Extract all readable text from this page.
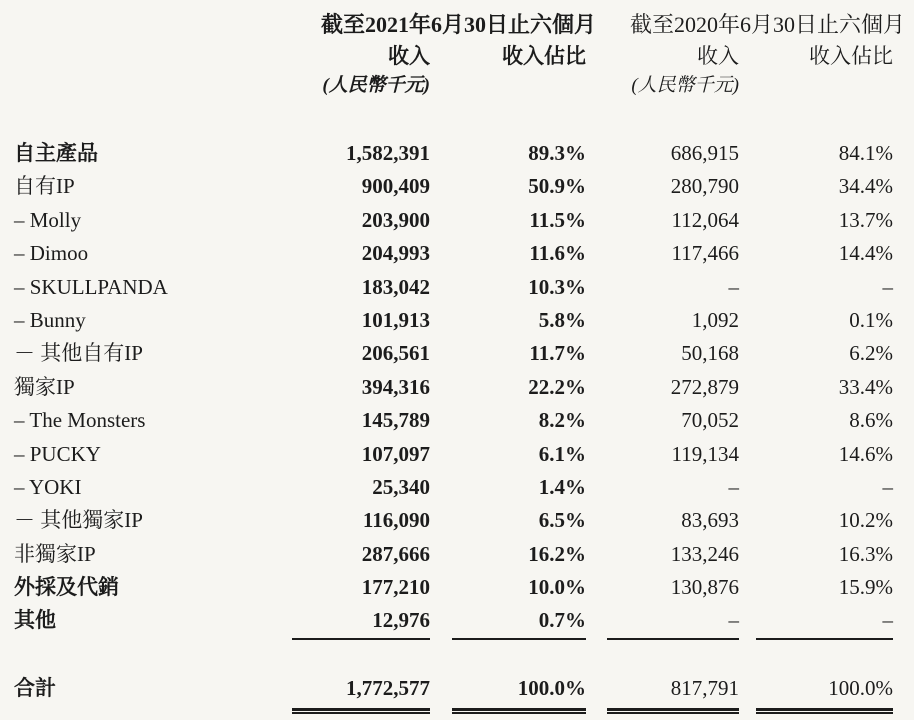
截至2021年6月30日止六個月	截至2020年6月30日止六個月
收入	收入佔比	收入	收入佔比
(人民幣千元)	(人民幣千元)
自主產品	1,582,391	89.3%	686,915	84.1%
自有IP	900,409	50.9%	280,790	34.4%
– Molly	203,900	11.5%	112,064	13.7%
– Dimoo	204,993	11.6%	117,466	14.4%
– SKULLPANDA	183,042	10.3%	–	–
– Bunny	101,913	5.8%	1,092	0.1%
－ 其他自有IP	206,561	11.7%	50,168	6.2%
獨家IP	394,316	22.2%	272,879	33.4%
– The Monsters	145,789	8.2%	70,052	8.6%
– PUCKY	107,097	6.1%	119,134	14.6%
– YOKI	25,340	1.4%	–	–
－ 其他獨家IP	116,090	6.5%	83,693	10.2%
非獨家IP	287,666	16.2%	133,246	16.3%
外採及代銷	177,210	10.0%	130,876	15.9%
其他	12,976	0.7%	–	–
合計	1,772,577	100.0%	817,791	100.0%
